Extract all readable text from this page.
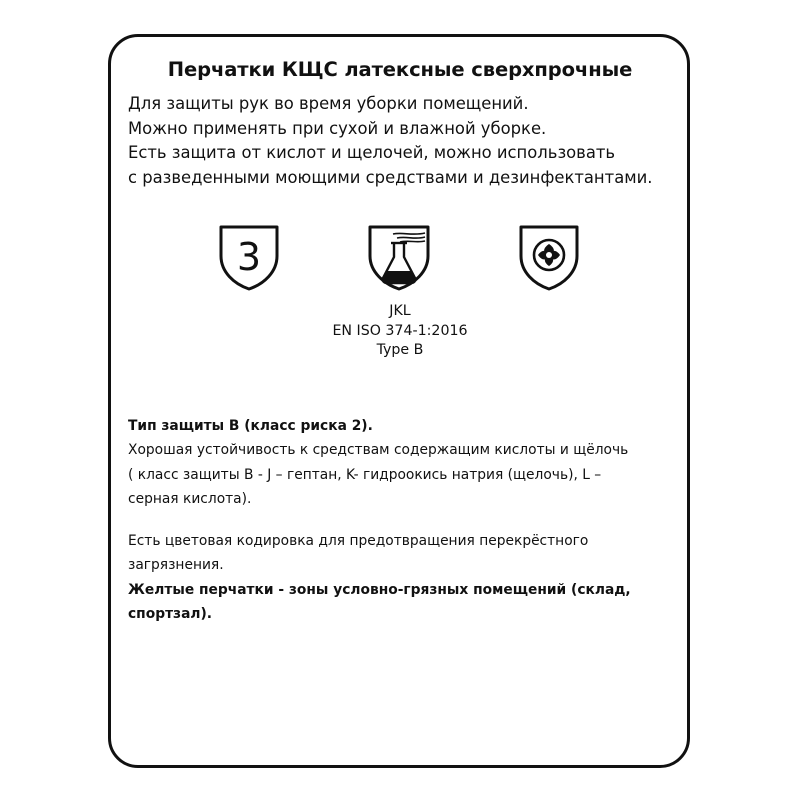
Перчатки КЩС латексные сверхпрочные
Для защиты рук во время уборки помещений.
Можно применять при сухой и влажной уборке.
Есть защита от кислот и щелочей, можно использовать
с разведенными моющими средствами и дезинфектантами.
3
JKL
EN ISO 374-1:2016
Type B
Тип защиты B (класс риска 2).
Хорошая устойчивость к средствам содержащим кислоты и щёлочь
( класс защиты B - J – гептан, K- гидроокись натрия (щелочь), L –
серная кислота).
Есть цветовая кодировка для предотвращения перекрёстного
загрязнения.
Желтые перчатки - зоны условно-грязных помещений (склад,
спортзал).
